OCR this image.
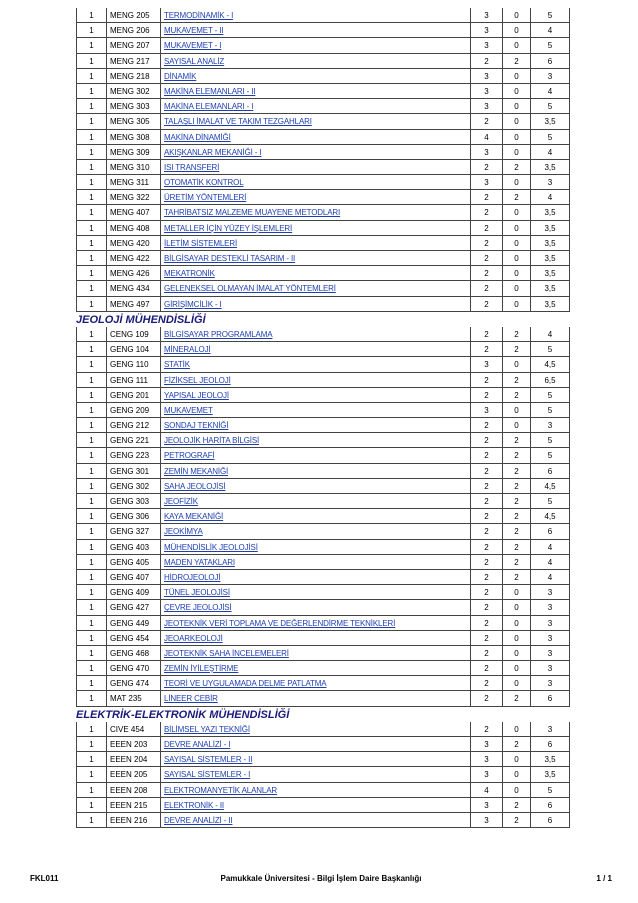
1	MENG 205	TERMODİNAMİK - I	3	0	5
1	MENG 206	MUKAVEMET - II	3	0	4
1	MENG 207	MUKAVEMET - I	3	0	5
1	MENG 217	SAYISAL ANALİZ	2	2	6
1	MENG 218	DİNAMİK	3	0	3
1	MENG 302	MAKİNA ELEMANLARI - II	3	0	4
1	MENG 303	MAKİNA ELEMANLARI - I	3	0	5
1	MENG 305	TALAŞLI İMALAT VE TAKIM TEZGAHLARI	2	0	3,5
1	MENG 308	MAKİNA DİNAMİĞİ	4	0	5
1	MENG 309	AKIŞKANLAR MEKANİĞİ - I	3	0	4
1	MENG 310	ISI TRANSFERİ	2	2	3,5
1	MENG 311	OTOMATİK KONTROL	3	0	3
1	MENG 322	ÜRETİM YÖNTEMLERİ	2	2	4
1	MENG 407	TAHRİBATSIZ MALZEME MUAYENE METODLARI	2	0	3,5
1	MENG 408	METALLER İÇİN YÜZEY İŞLEMLERİ	2	0	3,5
1	MENG 420	İLETİM SİSTEMLERİ	2	0	3,5
1	MENG 422	BİLGİSAYAR DESTEKLİ TASARIM - II	2	0	3,5
1	MENG 426	MEKATRONİK	2	0	3,5
1	MENG 434	GELENEKSEL OLMAYAN İMALAT YÖNTEMLERİ	2	0	3,5
1	MENG 497	GİRİŞİMCİLİK - I	2	0	3,5
JEOLOJİ MÜHENDİSLİĞİ
1	CENG 109	BİLGİSAYAR PROGRAMLAMA	2	2	4
1	GENG 104	MİNERALOJİ	2	2	5
1	GENG 110	STATİK	3	0	4,5
1	GENG 111	FİZİKSEL JEOLOJİ	2	2	6,5
1	GENG 201	YAPISAL JEOLOJİ	2	2	5
1	GENG 209	MUKAVEMET	3	0	5
1	GENG 212	SONDAJ TEKNİĞİ	2	0	3
1	GENG 221	JEOLOJİK HARİTA BİLGİSİ	2	2	5
1	GENG 223	PETROGRAFİ	2	2	5
1	GENG 301	ZEMİN MEKANİĞİ	2	2	6
1	GENG 302	SAHA JEOLOJİSİ	2	2	4,5
1	GENG 303	JEOFİZİK	2	2	5
1	GENG 306	KAYA MEKANİĞİ	2	2	4,5
1	GENG 327	JEOKİMYA	2	2	6
1	GENG 403	MÜHENDİSLİK JEOLOJİSİ	2	2	4
1	GENG 405	MADEN YATAKLARI	2	2	4
1	GENG 407	HİDROJEOLOJİ	2	2	4
1	GENG 409	TÜNEL JEOLOJİSİ	2	0	3
1	GENG 427	ÇEVRE JEOLOJİSİ	2	0	3
1	GENG 449	JEOTEKNİK VERİ TOPLAMA VE DEĞERLENDİRME TEKNİKLERİ	2	0	3
1	GENG 454	JEOARKEOLOJİ	2	0	3
1	GENG 468	JEOTEKNİK SAHA İNCELEMELERİ	2	0	3
1	GENG 470	ZEMİN İYİLEŞTİRME	2	0	3
1	GENG 474	TEORİ VE UYGULAMADA DELME PATLATMA	2	0	3
1	MAT 235	LİNEER CEBİR	2	2	6
ELEKTRİK-ELEKTRONİK MÜHENDİSLİĞİ
1	CIVE 454	BİLİMSEL YAZI TEKNİĞİ	2	0	3
1	EEEN 203	DEVRE ANALİZİ - I	3	2	6
1	EEEN 204	SAYISAL SİSTEMLER - II	3	0	3,5
1	EEEN 205	SAYISAL SİSTEMLER - I	3	0	3,5
1	EEEN 208	ELEKTROMANYETİK ALANLAR	4	0	5
1	EEEN 215	ELEKTRONİK - II	3	2	6
1	EEEN 216	DEVRE ANALİZİ - II	3	2	6
FKL011	Pamukkale Üniversitesi - Bilgi İşlem Daire Başkanlığı	1 / 1
